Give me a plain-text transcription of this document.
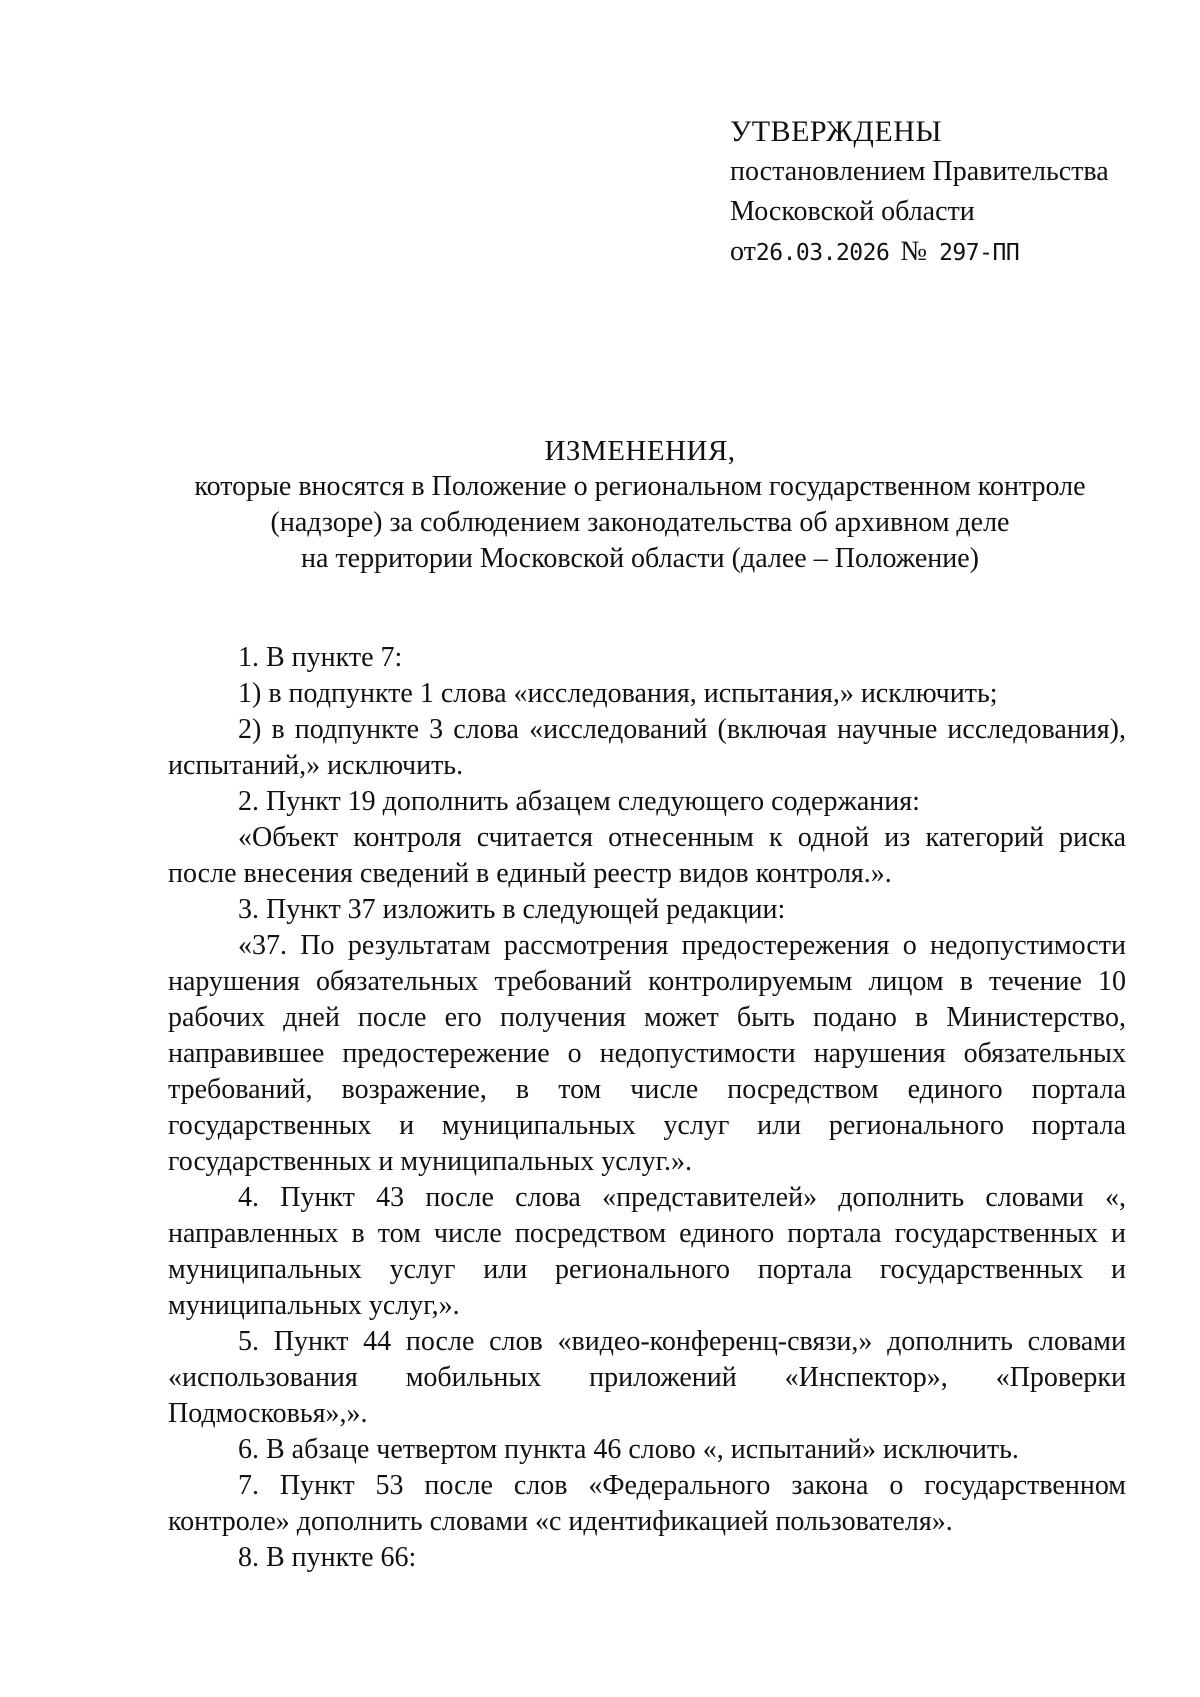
УТВЕРЖДЕНЫ
постановлением Правительства
Московской области
от26.03.2026 № 297-ПП
ИЗМЕНЕНИЯ,
которые вносятся в Положение о региональном государственном контроле
(надзоре) за соблюдением законодательства об архивном деле
на территории Московской области (далее – Положение)

1. В пункте 7:

1) в подпункте 1 слова «исследования, испытания,» исключить;

2) в подпункте 3 слова «исследований (включая научные исследования), испытаний,» исключить.

2. Пункт 19 дополнить абзацем следующего содержания:

«Объект контроля считается отнесенным к одной из категорий риска после внесения сведений в единый реестр видов контроля.».

3. Пункт 37 изложить в следующей редакции:

«37. По результатам рассмотрения предостережения о недопустимости нарушения обязательных требований контролируемым лицом в течение 10 рабочих дней после его получения может быть подано в Министерство, направившее предостережение о недопустимости нарушения обязательных требований, возражение, в том числе посредством единого портала государственных и муниципальных услуг или регионального портала государственных и муниципальных услуг.».

4. Пункт 43 после слова «представителей» дополнить словами «, направленных в том числе посредством единого портала государственных и муниципальных услуг или регионального портала государственных и муниципальных услуг,».

5. Пункт 44 после слов «видео-конференц-связи,» дополнить словами «использования мобильных приложений «Инспектор», «Проверки Подмосковья»,».

6. В абзаце четвертом пункта 46 слово «, испытаний» исключить.

7. Пункт 53 после слов «Федерального закона о государственном контроле» дополнить словами «с идентификацией пользователя».

8. В пункте 66:
